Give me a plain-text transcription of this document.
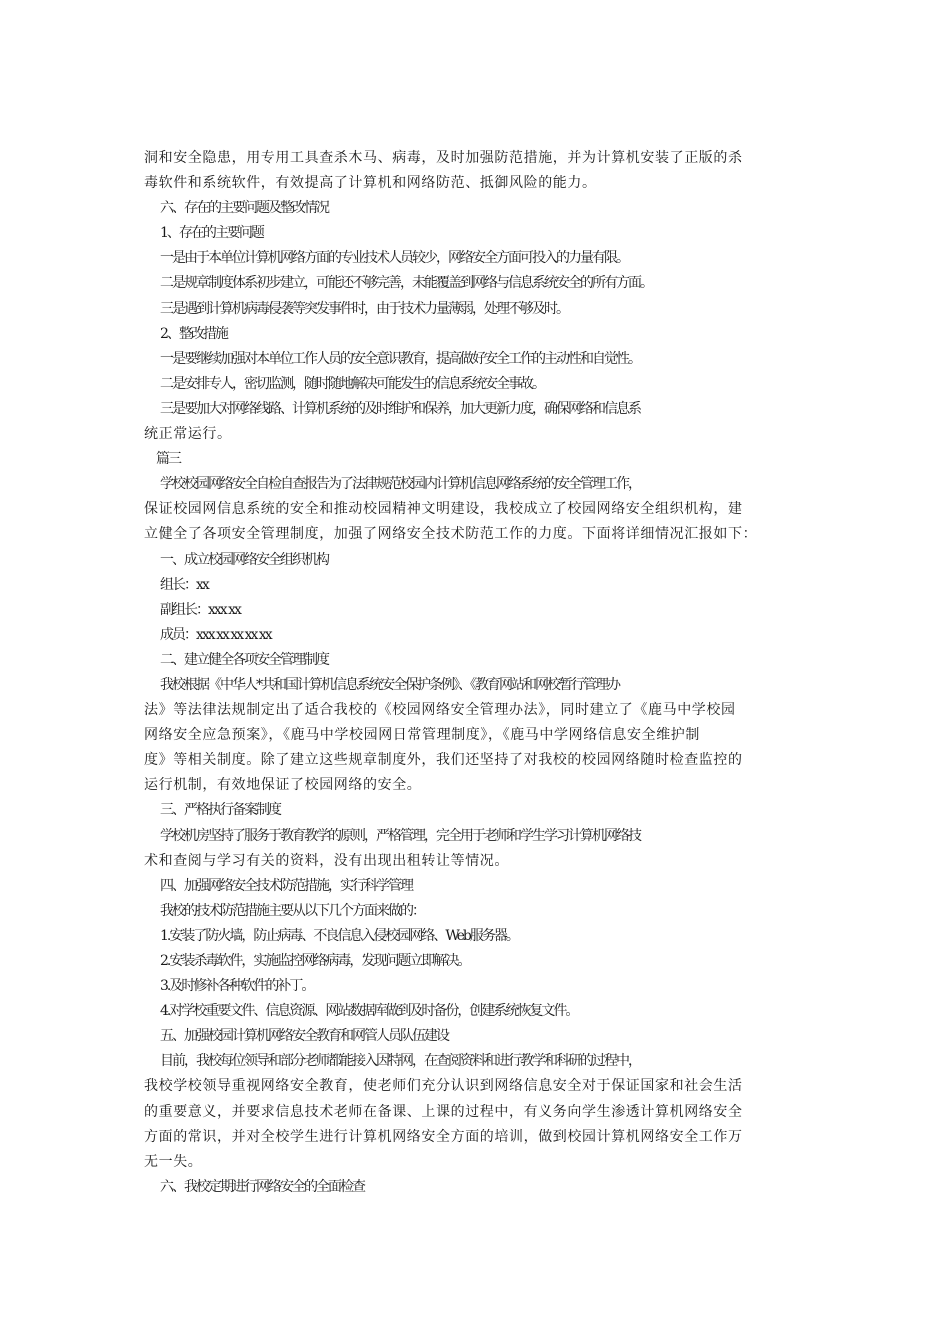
洞和安全隐患，用专用工具查杀木马、病毒，及时加强防范措施，并为计算机安装了正版的杀
毒软件和系统软件，有效提高了计算机和网络防范、抵御风险的能力。
六、存在的主要问题及整改情况
1、存在的主要问题
一是由于本单位计算机网络方面的专业技术人员较少，网络安全方面可投入的力量有限。
二是规章制度体系初步建立，可能还不够完善，未能覆盖到网络与信息系统安全的所有方面。
三是遇到计算机病毒侵袭等突发事件时，由于技术力量薄弱，处理不够及时。
2、整改措施
一是要继续加强对本单位工作人员的安全意识教育，提高做好安全工作的主动性和自觉性。
二是安排专人，密切监测，随时随地解决可能发生的信息系统安全事故。
三是要加大对网络线路、计算机系统的及时维护和保养，加大更新力度，确保网络和信息系
统正常运行。
篇三
学校校园网络安全自检自查报告为了法律规范校园内计算机信息网络系统的安全管理工作，
保证校园网信息系统的安全和推动校园精神文明建设，我校成立了校园网络安全组织机构，建
立健全了各项安全管理制度，加强了网络安全技术防范工作的力度。下面将详细情况汇报如下：
一、成立校园网络安全组织机构
组长：xx
副组长：xxx xx
成员：xxx xx xx xx xx
二、建立健全各项安全管理制度
我校根据《中华人*共和国计算机信息系统安全保护条例》、《教育网站和网校暂行管理办
法》等法律法规制定出了适合我校的《校园网络安全管理办法》，同时建立了《鹿马中学校园
网络安全应急预案》，《鹿马中学校园网日常管理制度》，《鹿马中学网络信息安全维护制
度》等相关制度。除了建立这些规章制度外，我们还坚持了对我校的校园网络随时检查监控的
运行机制，有效地保证了校园网络的安全。
三、严格执行备案制度
学校机房坚持了服务于教育教学的原则，严格管理，完全用于老师和学生学习计算机网络技
术和查阅与学习有关的资料，没有出现出租转让等情况。
四、加强网络安全技术防范措施，实行科学管理
我校的技术防范措施主要从以下几个方面来做的：
1.安装了防火墙，防止病毒、不良信息入侵校园网络、Web服务器。
2.安装杀毒软件，实施监控网络病毒，发现问题立即解决。
3.及时修补各种软件的补丁。
4.对学校重要文件、信息资源、网站数据库做到及时备份，创建系统恢复文件。
五、加强校园计算机网络安全教育和网管人员队伍建设
目前，我校每位领导和部分老师都能接入因特网，在查阅资料和进行教学和科研的过程中，
我校学校领导重视网络安全教育，使老师们充分认识到网络信息安全对于保证国家和社会生活
的重要意义，并要求信息技术老师在备课、上课的过程中，有义务向学生渗透计算机网络安全
方面的常识，并对全校学生进行计算机网络安全方面的培训，做到校园计算机网络安全工作万
无一失。
六、我校定期进行网络安全的全面检查
